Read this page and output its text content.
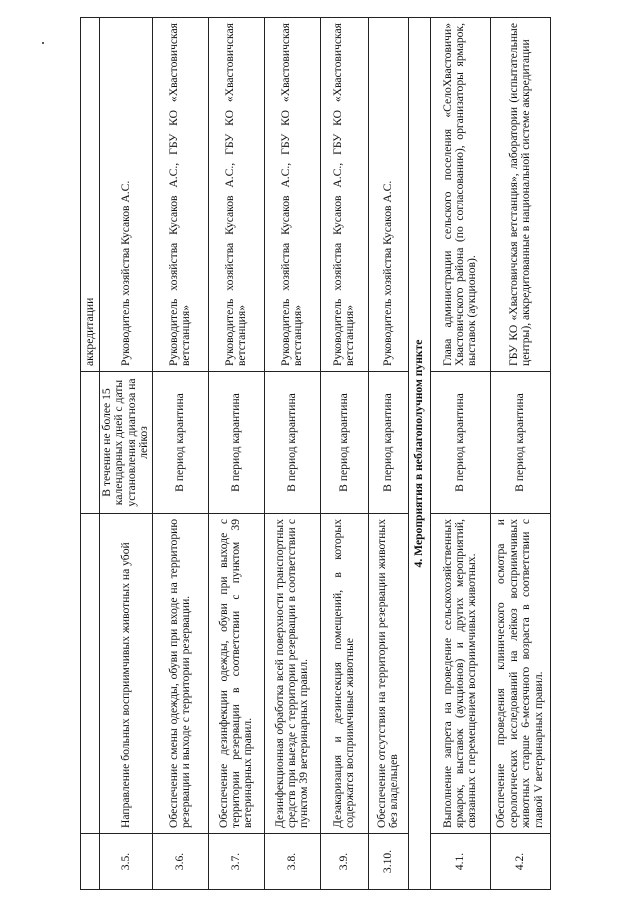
			аккредитации
3.5.	Направление больных восприимчивых животных на убой	В течение не более 15 календарных дней с даты установления диагноза на лейкоз	Руководитель хозяйства Кусаков А.С.
3.6.	Обеспечение смены одежды, обуви при входе на территорию резервации и выходе с территории резервации.	В период карантина	Руководитель хозяйства Кусаков А.С., ГБУ КО «Хвастовичская ветстанция»
3.7.	Обеспечение дезинфекции одежды, обуви при выходе с территории резервации в соответствии с пунктом 39 ветеринарных правил.	В период карантина	Руководитель хозяйства Кусаков А.С., ГБУ КО «Хвастовичская ветстанция»
3.8.	Дезинфекционная обработка всей поверхности транспортных средств при выезде с территории резервации в соответствии с пунктом 39 ветеринарных правил.	В период карантина	Руководитель хозяйства Кусаков А.С., ГБУ КО «Хвастовичская ветстанция»
3.9.	Дезакаризация и дезинсекция помещений, в которых содержатся восприимчивые животные	В период карантина	Руководитель хозяйства Кусаков А.С., ГБУ КО «Хвастовичская ветстанция»
3.10.	Обеспечение отсутствия на территории резервации животных без владельцев	В период карантина	Руководитель хозяйства Кусаков А.С.
4. Мероприятия в неблагополучном пункте			
4.1.	Выполнение запрета на проведение сельскохозяйственных ярмарок, выставок (аукционов) и других мероприятий, связанных с перемещением восприимчивых животных.	В период карантина	Глава администрации сельского поселения «СелоХвастовичи» Хвастовичского района (по согласованию), организаторы ярмарок, выставок (аукционов).
4.2.	Обеспечение проведения клинического осмотра и серологических исследований на лейкоз восприимчивых животных старше 6-месячного возраста в соответствии с главой V ветеринарных правил.	В период карантина	ГБУ КО «Хвастовичская ветстанция», лаборатории (испытательные центры), аккредитованные в национальной системе аккредитации
